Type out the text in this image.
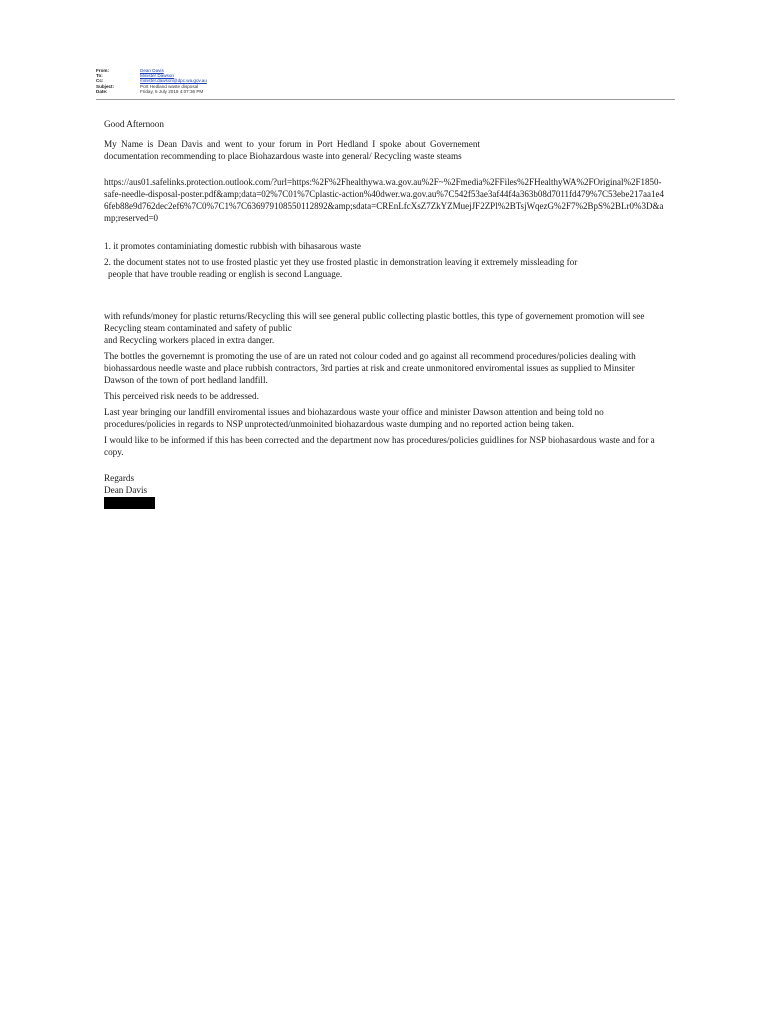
From:	Dean Davis
To:	Minister Dawson
Cc:	minister.dawson@dpc.wa.gov.au
Subject:	Port Hedland waste disposal
Date:	Friday, 5 July 2019 4:07:36 PM

Good Afternoon

My Name is Dean Davis and went to your forum in Port Hedland I spoke about Governement documentation recommending to place Biohazardous waste into general/ Recycling waste steams

https://aus01.safelinks.protection.outlook.com/?url=https:%2F%2Fhealthywa.wa.gov.au%2F~%2Fmedia%2FFiles%2FHealthyWA%2FOriginal%2F1850-safe-needle-disposal-poster.pdf&amp;data=02%7C01%7Cplastic-action%40dwer.wa.gov.au%7C542f53ae3af44f4a363b08d7011fd479%7C53ebe217aa1e46feb88e9d762dec2ef6%7C0%7C1%7C636979108550112892&amp;sdata=CREnLfcXsZ7ZkYZMuejJF2ZPl%2BTsjWqezG%2F7%2BpS%2BLr0%3D&amp;reserved=0

1. it promotes contaminiating domestic rubbish with bihasarous waste

2. the document states not to use frosted plastic yet they use frosted plastic in demonstration leaving it extremely missleading for
people that have trouble reading or english is second Language.

with refunds/money for plastic returns/Recycling this will see general public collecting plastic bottles, this type of governement promotion will see Recycling steam contaminated and safety of public

and Recycling workers placed in extra danger.

The bottles the governemnt is promoting the use of are un rated not colour coded and go against all recommend procedures/policies dealing with biohassardous needle waste and place rubbish contractors, 3rd parties at risk and create unmonitored enviromental issues as supplied to Minsiter Dawson of the town of port hedland landfill.

This perceived risk needs to be addressed.

Last year bringing our landfill enviromental issues and biohazardous waste your office and minister Dawson attention and being told no procedures/policies in regards to NSP unprotected/unmoinited biohazardous waste dumping and no reported action being taken.

I would like to be informed if this has been corrected and the department now has procedures/policies guidlines for NSP biohasardous waste and for a copy.

Regards

Dean Davis
